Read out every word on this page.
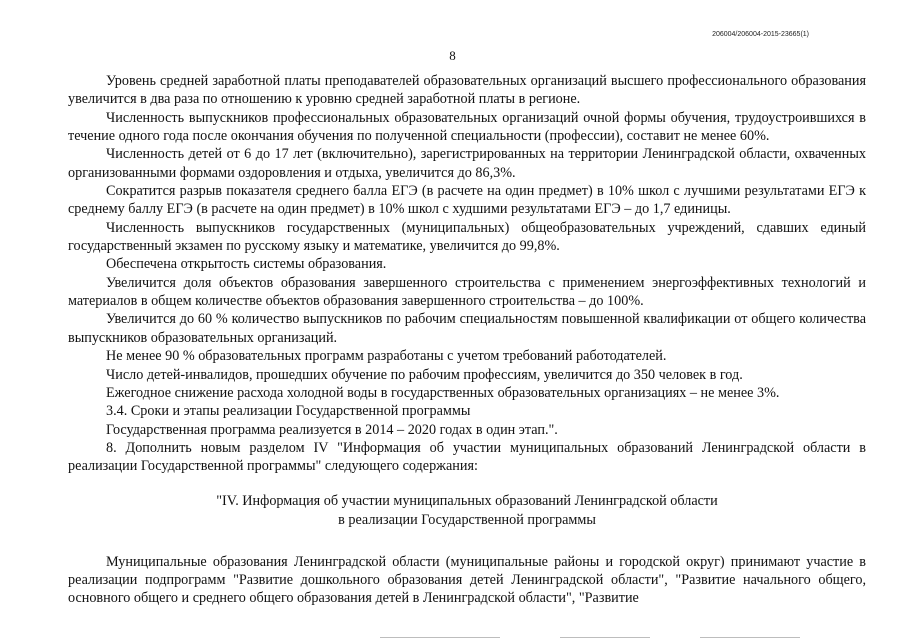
206004/206004-2015-23665(1)
8

Уровень средней заработной платы преподавателей образовательных организаций высшего профессионального образования увеличится в два раза по отношению к уровню средней заработной платы в регионе.

Численность выпускников профессиональных образовательных организаций очной формы обучения, трудоустроившихся в течение одного года после окончания обучения по полученной специальности (профессии), составит не менее 60%.

Численность детей от 6 до 17 лет (включительно), зарегистрированных на территории Ленинградской области, охваченных организованными формами оздоровления и отдыха, увеличится до 86,3%.

Сократится разрыв показателя среднего балла ЕГЭ (в расчете на один предмет) в 10% школ с лучшими результатами ЕГЭ к среднему баллу ЕГЭ (в расчете на один предмет) в 10% школ с худшими результатами ЕГЭ – до 1,7 единицы.

Численность выпускников государственных (муниципальных) общеобразовательных учреждений, сдавших единый государственный экзамен по русскому языку и математике, увеличится до 99,8%.

Обеспечена открытость системы образования.

Увеличится доля объектов образования завершенного строительства с применением энергоэффективных технологий и материалов в общем количестве объектов образования завершенного строительства – до 100%.

Увеличится до 60 % количество выпускников по рабочим специальностям повышенной квалификации от общего количества выпускников образовательных организаций.

Не менее 90 % образовательных программ разработаны с учетом требований работодателей.

Число детей-инвалидов, прошедших обучение по рабочим профессиям, увеличится до 350 человек в год.

Ежегодное снижение расхода холодной воды в государственных образовательных организациях – не менее 3%.

3.4. Сроки и этапы реализации Государственной программы

Государственная программа реализуется в 2014 – 2020 годах в один этап.".

8. Дополнить новым разделом IV "Информация об участии муниципальных образований Ленинградской области в реализации Государственной программы" следующего содержания:

"IV. Информация об участии муниципальных образований Ленинградской области
в реализации Государственной программы

Муниципальные образования Ленинградской области (муниципальные районы и городской округ) принимают участие в реализации подпрограмм "Развитие дошкольного образования детей Ленинградской области", "Развитие начального общего, основного общего и среднего общего образования детей в Ленинградской области", "Развитие
